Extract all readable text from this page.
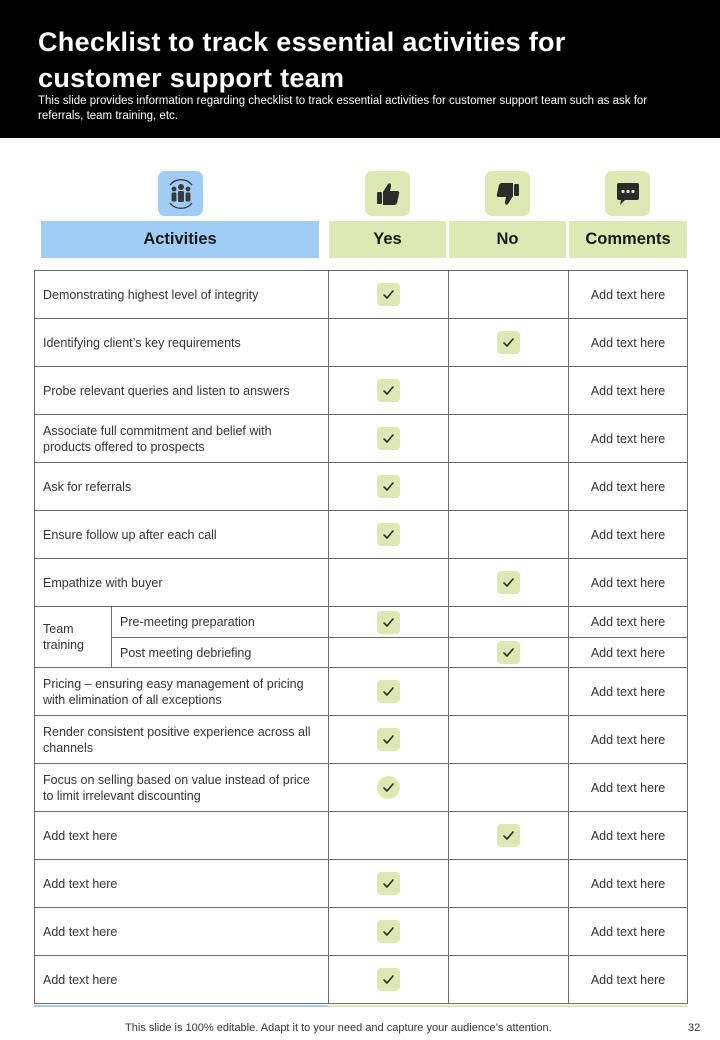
Checklist to track essential activities for customer support team
This slide provides information regarding checklist to track essential activities for customer support team such as ask for referrals, team training, etc.
Activities	Yes	No	Comments
Demonstrating highest level of integrity				Add text here
Identifying client’s key requirements				Add text here
Probe relevant queries and listen to answers				Add text here
Associate full commitment and belief with products offered to prospects				Add text here
Ask for referrals				Add text here
Ensure follow up after each call				Add text here
Empathize with buyer				Add text here
Team training	Pre-meeting preparation			Add text here
	Post meeting debriefing			Add text here
Pricing – ensuring easy management of pricing with elimination of all exceptions				Add text here
Render consistent positive experience across all channels				Add text here
Focus on selling based on value instead of price to limit irrelevant discounting				Add text here
Add text here				Add text here
Add text here				Add text here
Add text here				Add text here
Add text here				Add text here
This slide is 100% editable. Adapt it to your need and capture your audience’s attention.	32
